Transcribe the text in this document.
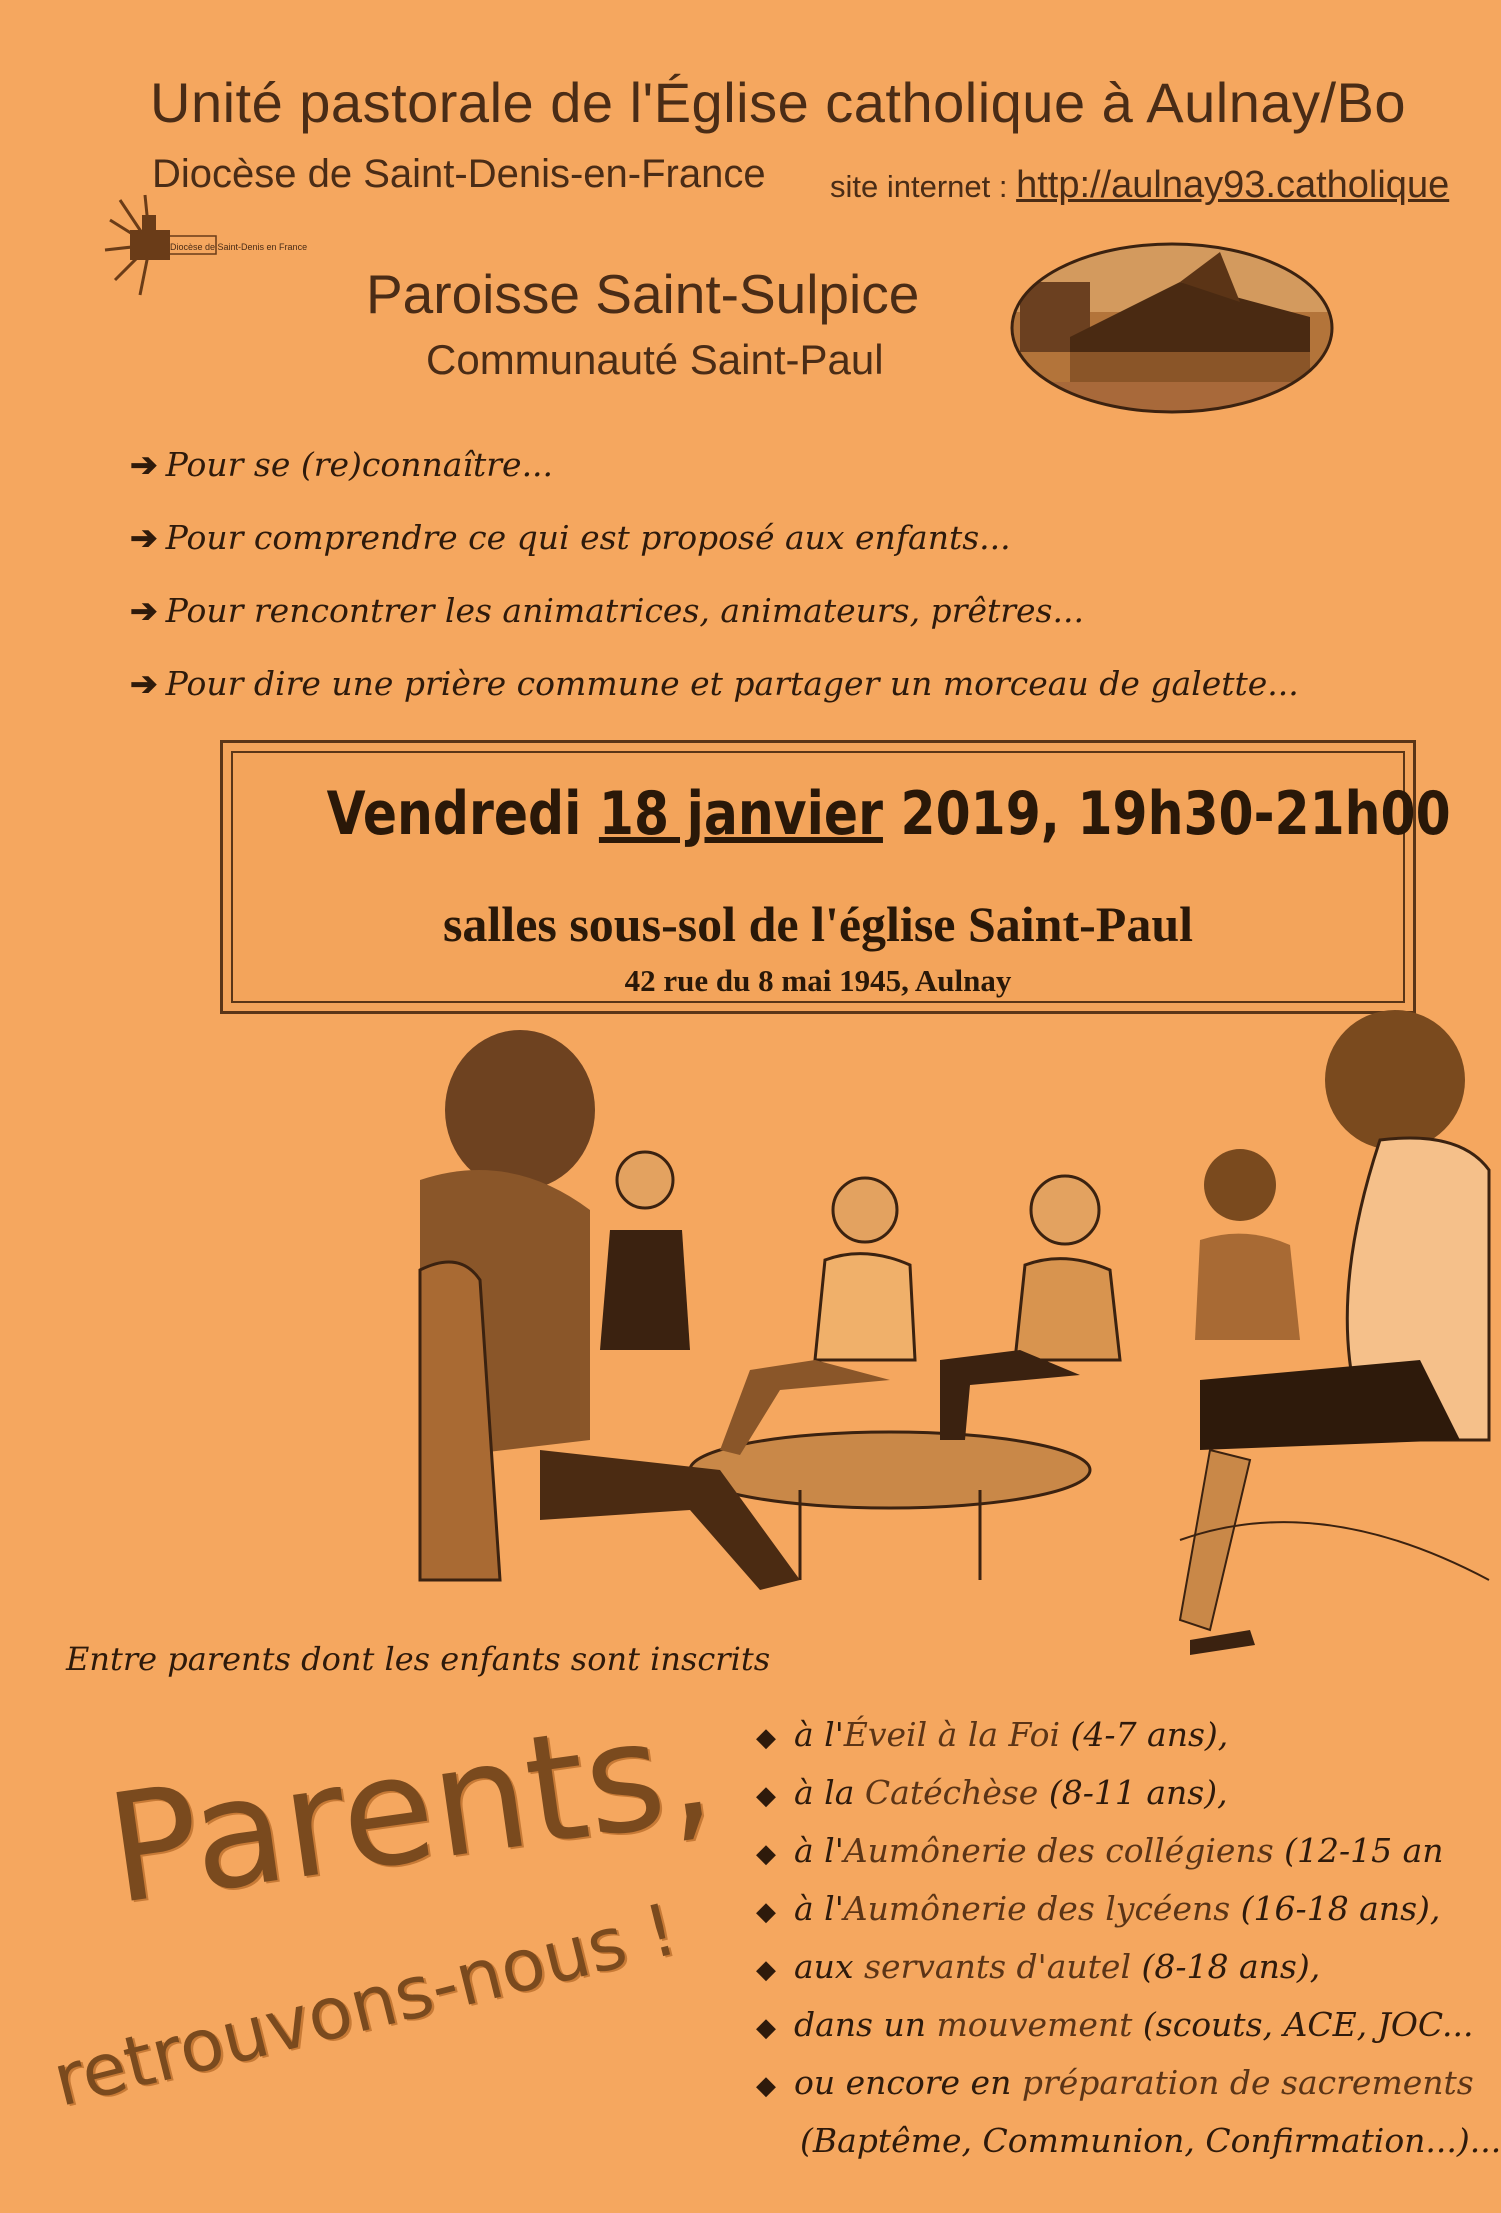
Unité pastorale de l'Église catholique à Aulnay/Bo
Diocèse de Saint-Denis-en-France site internet : http://aulnay93.catholique
Diocèse de Saint-Denis en France
Paroisse Saint-Sulpice
Communauté Saint-Paul
➔ Pour se (re)connaître...
➔ Pour comprendre ce qui est proposé aux enfants...
➔ Pour rencontrer les animatrices, animateurs, prêtres...
➔ Pour dire une prière commune et partager un morceau de galette...
Vendredi 18 janvier 2019, 19h30-21h00
salles sous-sol de l'église Saint-Paul
42 rue du 8 mai 1945, Aulnay
Entre parents dont les enfants sont inscrits
Parents,
retrouvons-nous !
◆ à l'Éveil à la Foi (4-7 ans),
◆ à la Catéchèse (8-11 ans),
◆ à l'Aumônerie des collégiens (12-15 an
◆ à l'Aumônerie des lycéens (16-18 ans),
◆ aux servants d'autel (8-18 ans),
◆ dans un mouvement (scouts, ACE, JOC...
◆ ou encore en préparation de sacrements
(Baptême, Communion, Confirmation...)...
